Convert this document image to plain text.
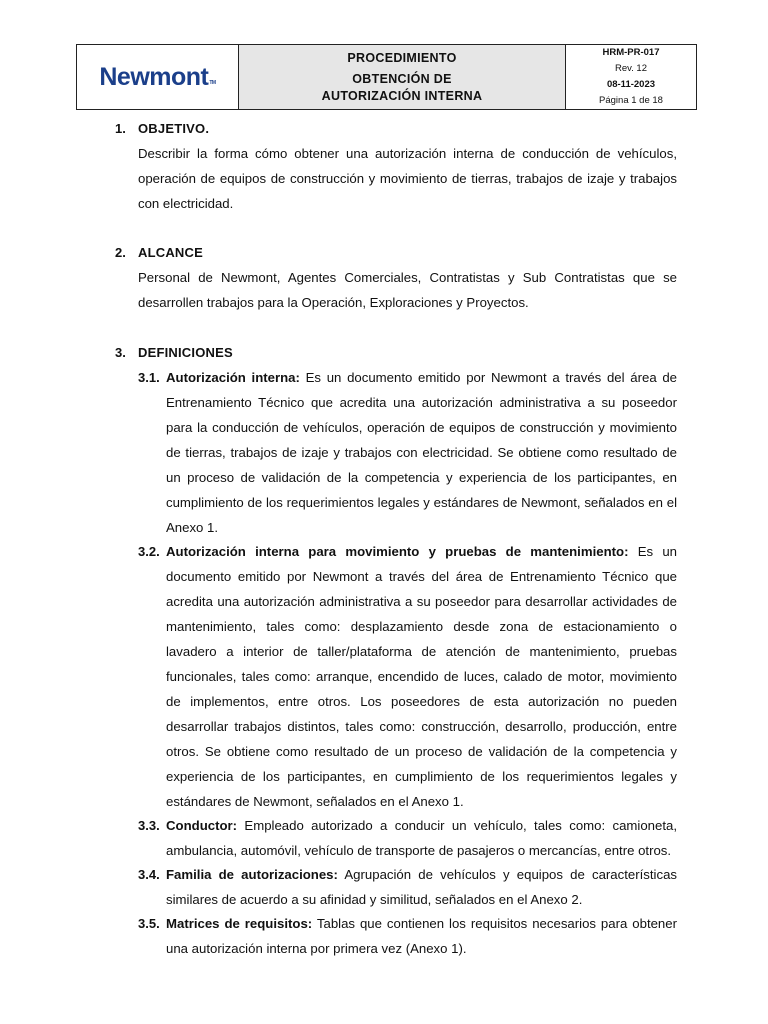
Newmont TM

PROCEDIMIENTO
OBTENCIÓN DE
AUTORIZACIÓN INTERNA

HRM-PR-017
Rev. 12
08-11-2023
Página 1 de 18
1. OBJETIVO.

Describir la forma cómo obtener una autorización interna de conducción de vehículos, operación de equipos de construcción y movimiento de tierras, trabajos de izaje y trabajos con electricidad.

2. ALCANCE

Personal de Newmont, Agentes Comerciales, Contratistas y Sub Contratistas que se desarrollen trabajos para la Operación, Exploraciones y Proyectos.

3. DEFINICIONES
3.1. Autorización interna: Es un documento emitido por Newmont a través del área de Entrenamiento Técnico que acredita una autorización administrativa a su poseedor para la conducción de vehículos, operación de equipos de construcción y movimiento de tierras, trabajos de izaje y trabajos con electricidad. Se obtiene como resultado de un proceso de validación de la competencia y experiencia de los participantes, en cumplimiento de los requerimientos legales y estándares de Newmont, señalados en el Anexo 1.

3.2. Autorización interna para movimiento y pruebas de mantenimiento: Es un documento emitido por Newmont a través del área de Entrenamiento Técnico que acredita una autorización administrativa a su poseedor para desarrollar actividades de mantenimiento, tales como: desplazamiento desde zona de estacionamiento o lavadero a interior de taller/plataforma de atención de mantenimiento, pruebas funcionales, tales como: arranque, encendido de luces, calado de motor, movimiento de implementos, entre otros. Los poseedores de esta autorización no pueden desarrollar trabajos distintos, tales como: construcción, desarrollo, producción, entre otros. Se obtiene como resultado de un proceso de validación de la competencia y experiencia de los participantes, en cumplimiento de los requerimientos legales y estándares de Newmont, señalados en el Anexo 1.

3.3. Conductor: Empleado autorizado a conducir un vehículo, tales como: camioneta, ambulancia, automóvil, vehículo de transporte de pasajeros o mercancías, entre otros.

3.4. Familia de autorizaciones: Agrupación de vehículos y equipos de características similares de acuerdo a su afinidad y similitud, señalados en el Anexo 2.

3.5. Matrices de requisitos: Tablas que contienen los requisitos necesarios para obtener una autorización interna por primera vez (Anexo 1).
